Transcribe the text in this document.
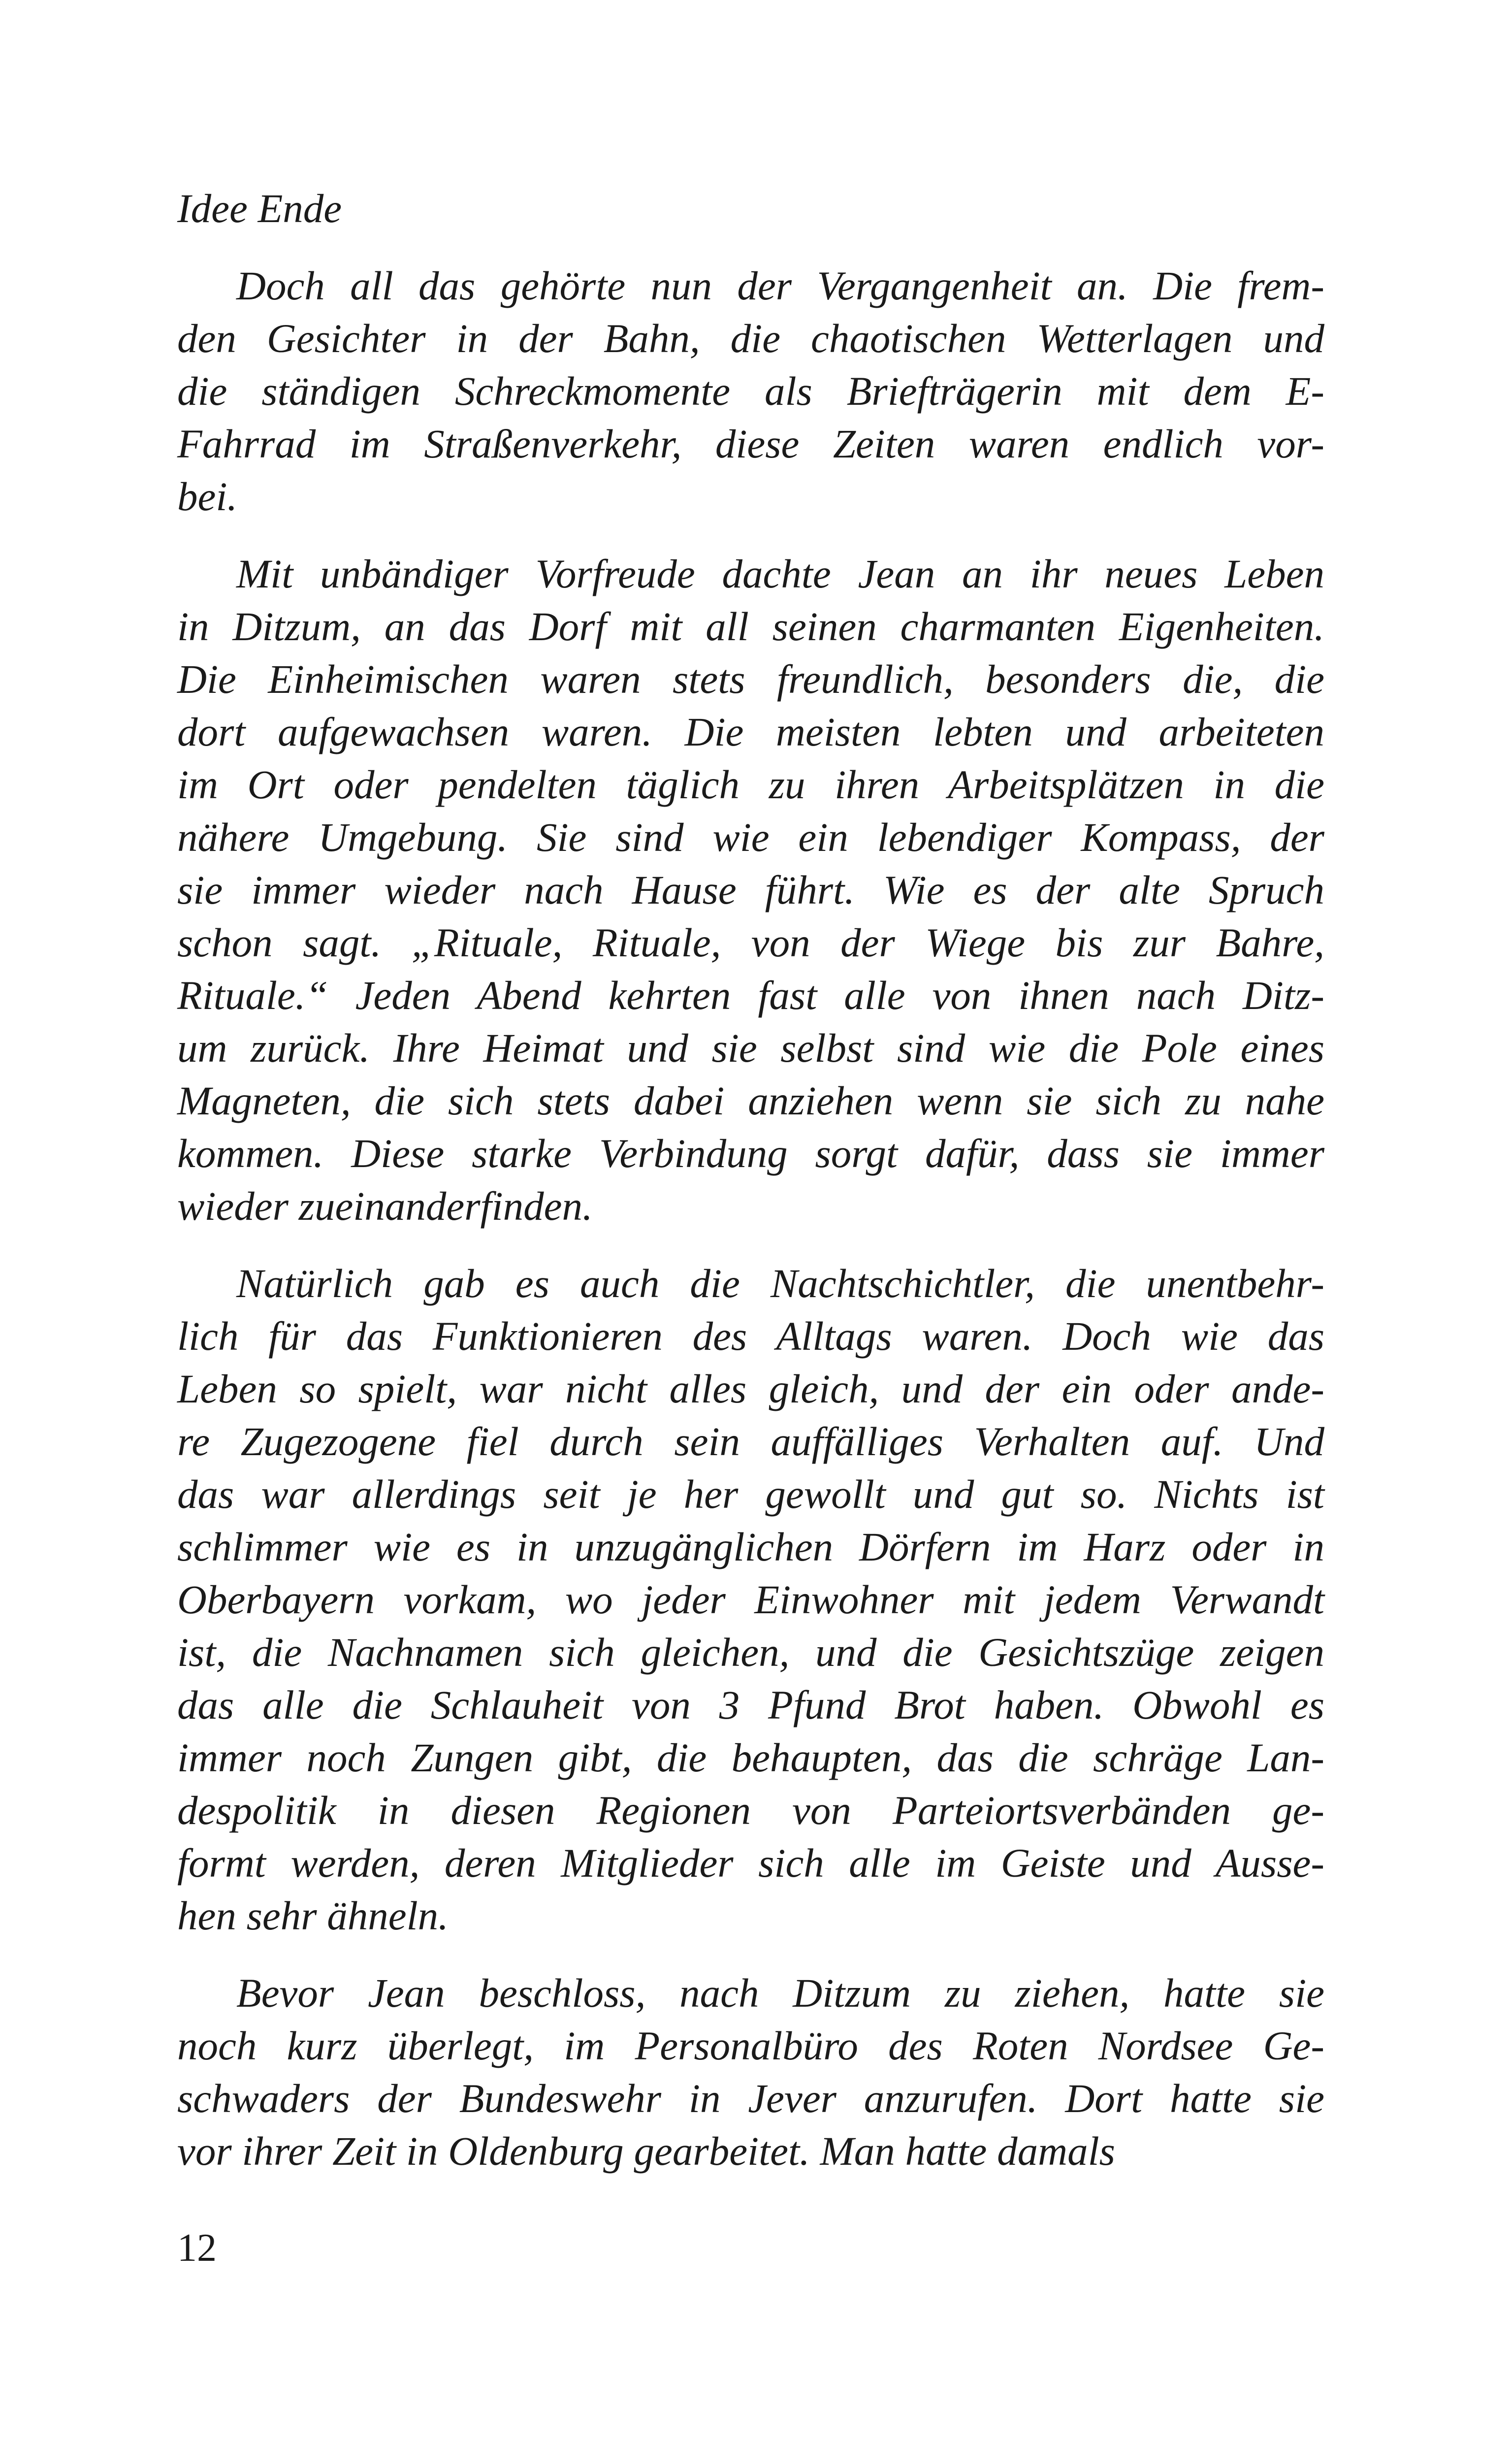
Idee Ende
Doch all das gehörte nun der Vergangenheit an. Die frem-
den Gesichter in der Bahn, die chaotischen Wetterlagen und
die ständigen Schreckmomente als Briefträgerin mit dem E-
Fahrrad im Straßenverkehr, diese Zeiten waren endlich vor-
bei.
Mit unbändiger Vorfreude dachte Jean an ihr neues Leben
in Ditzum, an das Dorf mit all seinen charmanten Eigenheiten.
Die Einheimischen waren stets freundlich, besonders die, die
dort aufgewachsen waren. Die meisten lebten und arbeiteten
im Ort oder pendelten täglich zu ihren Arbeitsplätzen in die
nähere Umgebung. Sie sind wie ein lebendiger Kompass, der
sie immer wieder nach Hause führt. Wie es der alte Spruch
schon sagt. „Rituale, Rituale, von der Wiege bis zur Bahre,
Rituale.“ Jeden Abend kehrten fast alle von ihnen nach Ditz-
um zurück. Ihre Heimat und sie selbst sind wie die Pole eines
Magneten, die sich stets dabei anziehen wenn sie sich zu nahe
kommen. Diese starke Verbindung sorgt dafür, dass sie immer
wieder zueinanderfinden.
Natürlich gab es auch die Nachtschichtler, die unentbehr-
lich für das Funktionieren des Alltags waren. Doch wie das
Leben so spielt, war nicht alles gleich, und der ein oder ande-
re Zugezogene fiel durch sein auffälliges Verhalten auf. Und
das war allerdings seit je her gewollt und gut so. Nichts ist
schlimmer wie es in unzugänglichen Dörfern im Harz oder in
Oberbayern vorkam, wo jeder Einwohner mit jedem Verwandt
ist, die Nachnamen sich gleichen, und die Gesichtszüge zeigen
das alle die Schlauheit von 3 Pfund Brot haben. Obwohl es
immer noch Zungen gibt, die behaupten, das die schräge Lan-
despolitik in diesen Regionen von Parteiortsverbänden ge-
formt werden, deren Mitglieder sich alle im Geiste und Ausse-
hen sehr ähneln.
Bevor Jean beschloss, nach Ditzum zu ziehen, hatte sie
noch kurz überlegt, im Personalbüro des Roten Nordsee Ge-
schwaders der Bundeswehr in Jever anzurufen. Dort hatte sie
vor ihrer Zeit in Oldenburg gearbeitet. Man hatte damals
12
